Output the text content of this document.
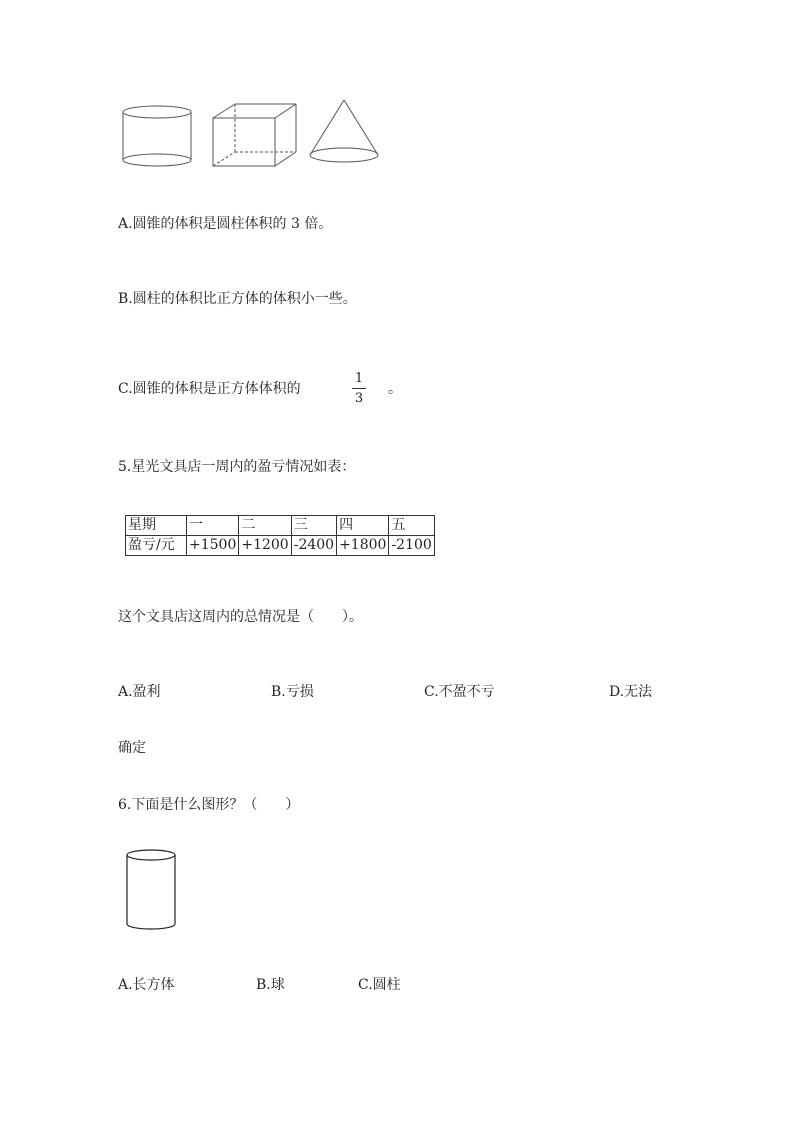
A.圆锥的体积是圆柱体积的 3 倍。
B.圆柱的体积比正方体的体积小一些。
C.圆锥的体积是正方体体积的	$\frac{1}{3}$ 。
5.星光文具店一周内的盈亏情况如表：
星期	一	二	三	四	五
盈亏/元	+1500	+1200	-2400	+1800	-2100
这个文具店这周内的总情况是（　　）。
A.盈利	B.亏损	C.不盈不亏	D.无法
确定
6.下面是什么图形？（　　）
A.长方体	B.球	C.圆柱
